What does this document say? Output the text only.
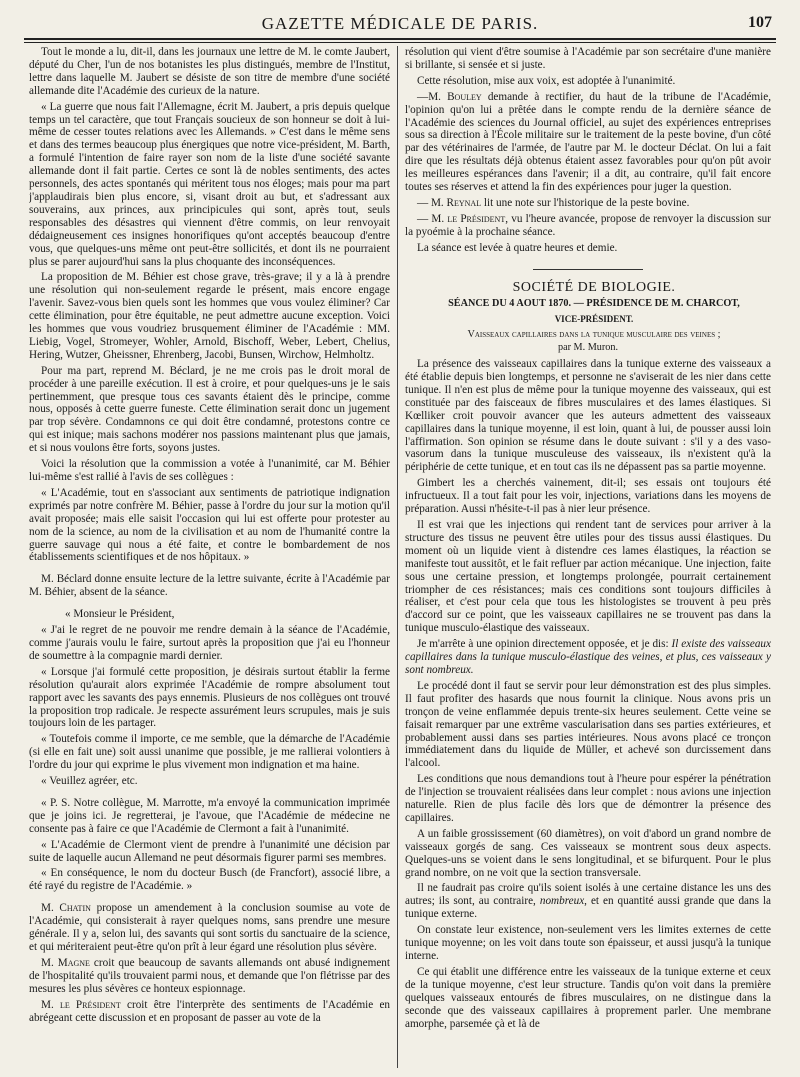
GAZETTE MÉDICALE DE PARIS.	107

Tout le monde a lu, dit-il, dans les journaux une lettre de M. le comte Jaubert, député du Cher, l'un de nos botanistes les plus distingués, membre de l'Institut, lettre dans laquelle M. Jaubert se désiste de son titre de membre d'une société allemande dite l'Académie des curieux de la nature.

« La guerre que nous fait l'Allemagne, écrit M. Jaubert, a pris depuis quelque temps un tel caractère, que tout Français soucieux de son honneur se doit à lui-même de cesser toutes relations avec les Allemands. » C'est dans le même sens et dans des termes beaucoup plus énergiques que notre vice-président, M. Barth, a formulé l'intention de faire rayer son nom de la liste d'une société savante allemande dont il fait partie. Certes ce sont là de nobles sentiments, des actes personnels, des actes spontanés qui méritent tous nos éloges; mais pour ma part j'applaudirais bien plus encore, si, visant droit au but, et s'adressant aux souverains, aux princes, aux principicules qui sont, après tout, seuls responsables des désastres qui viennent d'être commis, on leur renvoyait dédaigneusement ces insignes honorifiques qu'ont acceptés beaucoup d'entre vous, que quelques-uns même ont peut-être sollicités, et dont ils ne pourraient plus se parer aujourd'hui sans la plus choquante des inconséquences.

La proposition de M. Béhier est chose grave, très-grave; il y a là à prendre une résolution qui non-seulement regarde le présent, mais encore engage l'avenir. Savez-vous bien quels sont les hommes que vous voulez éliminer? Car cette élimination, pour être équitable, ne peut admettre aucune exception. Voici les hommes que vous voudriez brusquement éliminer de l'Académie : MM. Liebig, Vogel, Stromeyer, Wohler, Arnold, Bischoff, Weber, Lebert, Chelius, Hering, Wutzer, Gheissner, Ehrenberg, Jacobi, Bunsen, Wirchow, Helmholtz.

Pour ma part, reprend M. Béclard, je ne me crois pas le droit moral de procéder à une pareille exécution. Il est à croire, et pour quelques-uns je le sais pertinemment, que presque tous ces savants étaient dès le principe, comme nous, opposés à cette guerre funeste. Cette élimination serait donc un jugement par trop sévère. Condamnons ce qui doit être condamné, protestons contre ce qui est inique; mais sachons modérer nos passions maintenant plus que jamais, et si nous voulons être forts, soyons justes.

Voici la résolution que la commission a votée à l'unanimité, car M. Béhier lui-même s'est rallié à l'avis de ses collègues :

« L'Académie, tout en s'associant aux sentiments de patriotique indignation exprimés par notre confrère M. Béhier, passe à l'ordre du jour sur la motion qu'il avait proposée; mais elle saisit l'occasion qui lui est offerte pour protester au nom de la science, au nom de la civilisation et au nom de l'humanité contre la guerre sauvage qui nous a été faite, et contre le bombardement de nos établissements scientifiques et de nos hôpitaux. »

M. Béclard donne ensuite lecture de la lettre suivante, écrite à l'Académie par M. Béhier, absent de la séance.

« Monsieur le Président,

« J'ai le regret de ne pouvoir me rendre demain à la séance de l'Académie, comme j'aurais voulu le faire, surtout après la proposition que j'ai eu l'honneur de soumettre à la compagnie mardi dernier.

« Lorsque j'ai formulé cette proposition, je désirais surtout établir la ferme résolution qu'aurait alors exprimée l'Académie de rompre absolument tout rapport avec les savants des pays ennemis. Plusieurs de nos collègues ont trouvé la proposition trop radicale. Je respecte assurément leurs scrupules, mais je suis toujours loin de les partager.

« Toutefois comme il importe, ce me semble, que la démarche de l'Académie (si elle en fait une) soit aussi unanime que possible, je me rallierai volontiers à l'ordre du jour qui exprime le plus vivement mon indignation et ma haine.

« Veuillez agréer, etc.

« P. S. Notre collègue, M. Marrotte, m'a envoyé la communication imprimée que je joins ici. Je regretterai, je l'avoue, que l'Académie de médecine ne consente pas à faire ce que l'Académie de Clermont a fait à l'unanimité.

« L'Académie de Clermont vient de prendre à l'unanimité une décision par suite de laquelle aucun Allemand ne peut désormais figurer parmi ses membres.

« En conséquence, le nom du docteur Busch (de Francfort), associé libre, a été rayé du registre de l'Académie. »

M. Chatin propose un amendement à la conclusion soumise au vote de l'Académie, qui consisterait à rayer quelques noms, sans prendre une mesure générale. Il y a, selon lui, des savants qui sont sortis du sanctuaire de la science, et qui mériteraient peut-être qu'on prît à leur égard une résolution plus sévère.

M. Magne croit que beaucoup de savants allemands ont abusé indignement de l'hospitalité qu'ils trouvaient parmi nous, et demande que l'on flétrisse par des mesures les plus sévères ce honteux espionnage.

M. le Président croit être l'interprète des sentiments de l'Académie en abrégeant cette discussion et en proposant de passer au vote de la

résolution qui vient d'être soumise à l'Académie par son secrétaire d'une manière si brillante, si sensée et si juste.

Cette résolution, mise aux voix, est adoptée à l'unanimité.

—M. Bouley demande à rectifier, du haut de la tribune de l'Académie, l'opinion qu'on lui a prêtée dans le compte rendu de la dernière séance de l'Académie des sciences du Journal officiel, au sujet des expériences entreprises sous sa direction à l'École militaire sur le traitement de la peste bovine, d'un côté par des vétérinaires de l'armée, de l'autre par M. le docteur Déclat. On lui a fait dire que les résultats déjà obtenus étaient assez favorables pour qu'on pût avoir les meilleures espérances dans l'avenir; il a dit, au contraire, qu'il fait encore toutes ses réserves et attend la fin des expériences pour juger la question.

— M. Reynal lit une note sur l'historique de la peste bovine.

— M. le Président, vu l'heure avancée, propose de renvoyer la discussion sur la pyoémie à la prochaine séance.

La séance est levée à quatre heures et demie.

SOCIÉTÉ DE BIOLOGIE.

SÉANCE DU 4 AOUT 1870. — PRÉSIDENCE DE M. CHARCOT,

VICE-PRÉSIDENT.

Vaisseaux capillaires dans la tunique musculaire des veines ;
par M. Muron.

La présence des vaisseaux capillaires dans la tunique externe des vaisseaux a été établie depuis bien longtemps, et personne ne s'aviserait de les nier dans cette tunique. Il n'en est plus de même pour la tunique moyenne des vaisseaux, qui est constituée par des faisceaux de fibres musculaires et des lames élastiques. Si Kœlliker croit pouvoir avancer que les auteurs admettent des vaisseaux capillaires dans la tunique moyenne, il est loin, quant à lui, de pousser aussi loin l'affirmation. Son opinion se résume dans le doute suivant : s'il y a des vaso-vasorum dans la tunique musculeuse des vaisseaux, ils n'existent qu'à la périphérie de cette tunique, et en tout cas ils ne dépassent pas sa partie moyenne.

Gimbert les a cherchés vainement, dit-il; ses essais ont toujours été infructueux. Il a tout fait pour les voir, injections, variations dans les moyens de préparation. Aussi n'hésite-t-il pas à nier leur présence.

Il est vrai que les injections qui rendent tant de services pour arriver à la structure des tissus ne peuvent être utiles pour des tissus aussi élastiques. Du moment où un liquide vient à distendre ces lames élastiques, la réaction se manifeste tout aussitôt, et le fait refluer par action mécanique. Une injection, faite sous une certaine pression, et longtemps prolongée, pourrait certainement triompher de ces résistances; mais ces conditions sont toujours difficiles à réaliser, et c'est pour cela que tous les histologistes se trouvent à peu près d'accord sur ce point, que les vaisseaux capillaires ne se trouvent pas dans la tunique musculo-élastique des vaisseaux.

Je m'arrête à une opinion directement opposée, et je dis: Il existe des vaisseaux capillaires dans la tunique musculo-élastique des veines, et plus, ces vaisseaux y sont nombreux.

Le procédé dont il faut se servir pour leur démonstration est des plus simples. Il faut profiter des hasards que nous fournit la clinique. Nous avons pris un tronçon de veine enflammée depuis trente-six heures seulement. Cette veine se faisait remarquer par une extrême vascularisation dans ses parties extérieures, et probablement aussi dans ses parties intérieures. Nous avons placé ce tronçon immédiatement dans du liquide de Müller, et achevé son durcissement dans l'alcool.

Les conditions que nous demandions tout à l'heure pour espérer la pénétration de l'injection se trouvaient réalisées dans leur complet : nous avions une injection naturelle. Rien de plus facile dès lors que de démontrer la présence des capillaires.

A un faible grossissement (60 diamètres), on voit d'abord un grand nombre de vaisseaux gorgés de sang. Ces vaisseaux se montrent sous deux aspects. Quelques-uns se voient dans le sens longitudinal, et se bifurquent. Pour le plus grand nombre, on ne voit que la section transversale.

Il ne faudrait pas croire qu'ils soient isolés à une certaine distance les uns des autres; ils sont, au contraire, nombreux, et en quantité aussi grande que dans la tunique externe.

On constate leur existence, non-seulement vers les limites externes de cette tunique moyenne; on les voit dans toute son épaisseur, et aussi jusqu'à la tunique interne.

Ce qui établit une différence entre les vaisseaux de la tunique externe et ceux de la tunique moyenne, c'est leur structure. Tandis qu'on voit dans la première quelques vaisseaux entourés de fibres musculaires, on ne distingue dans la seconde que des vaisseaux capillaires à proprement parler. Une membrane amorphe, parsemée çà et là de
